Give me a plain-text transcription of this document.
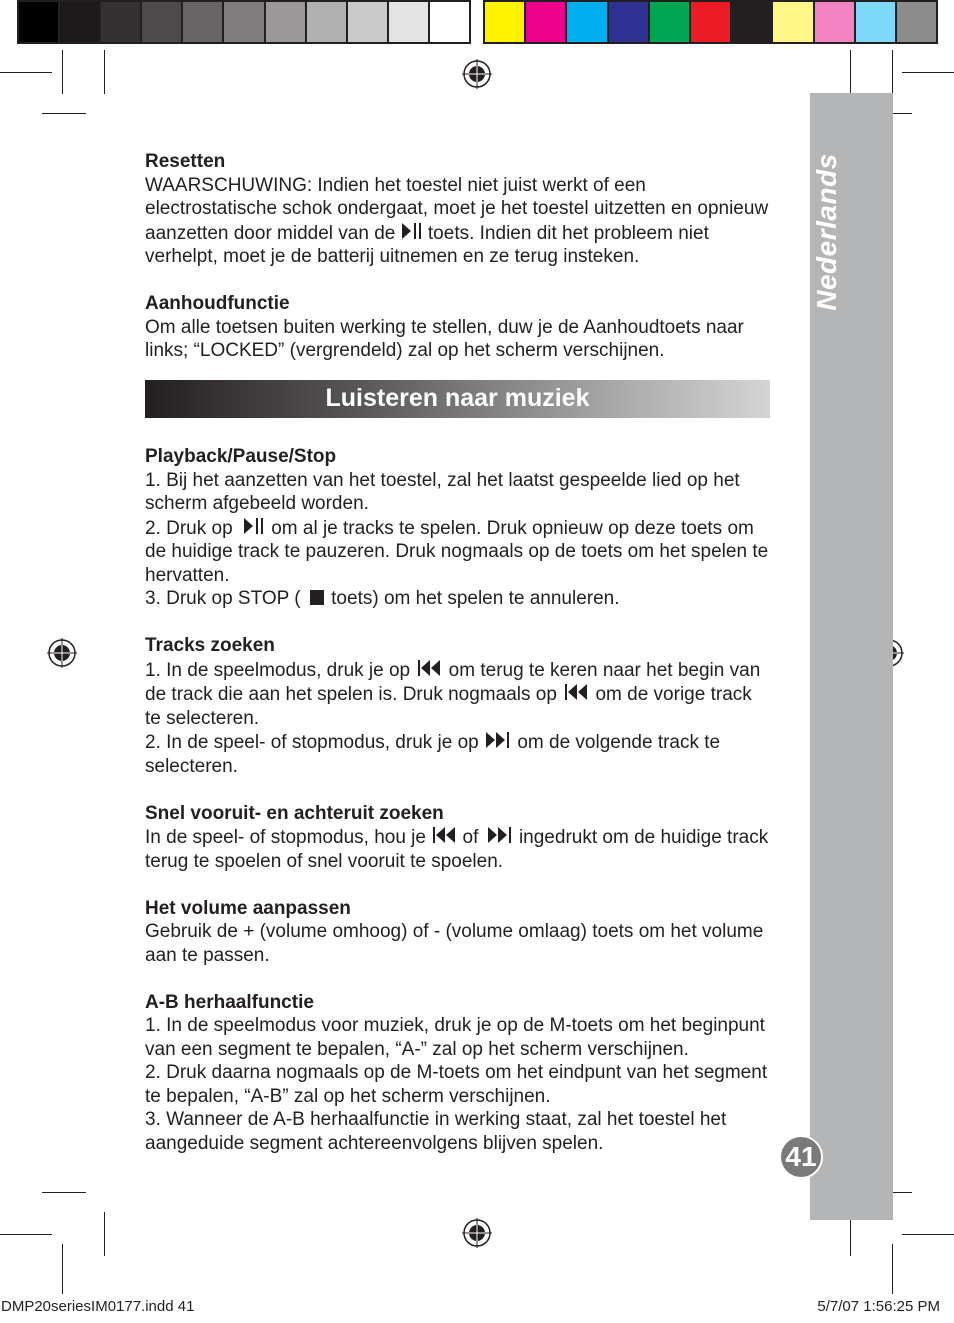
Nederlands
41
Resetten

WAARSCHUWING: Indien het toestel niet juist werkt of een electrostatische schok ondergaat, moet je het toestel uitzetten en opnieuw aanzetten door middel van de toets. Indien dit het probleem niet verhelpt, moet je de batterij uitnemen en ze terug insteken.

Aanhoudfunctie

Om alle toetsen buiten werking te stellen, duw je de Aanhoudtoets naar links; “LOCKED” (vergrendeld) zal op het scherm verschijnen.

Luisteren naar muziek
Playback/Pause/Stop

1. Bij het aanzetten van het toestel, zal het laatst gespeelde lied op het scherm afgebeeld worden.

2. Druk op om al je tracks te spelen. Druk opnieuw op deze toets om de huidige track te pauzeren. Druk nogmaals op de toets om het spelen te hervatten.

3. Druk op STOP ( toets) om het spelen te annuleren.

Tracks zoeken

1. In de speelmodus, druk je op om terug te keren naar het begin van de track die aan het spelen is. Druk nogmaals op om de vorige track te selecteren.

2. In de speel- of stopmodus, druk je op om de volgende track te selecteren.

Snel vooruit- en achteruit zoeken

In de speel- of stopmodus, hou je of ingedrukt om de huidige track terug te spoelen of snel vooruit te spoelen.

Het volume aanpassen

Gebruik de + (volume omhoog) of - (volume omlaag) toets om het volume aan te passen.

A-B herhaalfunctie

1. In de speelmodus voor muziek, druk je op de M-toets om het beginpunt van een segment te bepalen, “A-” zal op het scherm verschijnen.

2. Druk daarna nogmaals op de M-toets om het eindpunt van het segment te bepalen, “A-B” zal op het scherm verschijnen.

3. Wanneer de A-B herhaalfunctie in werking staat, zal het toestel het aangeduide segment achtereenvolgens blijven spelen.

DMP20seriesIM0177.indd 41	5/7/07 1:56:25 PM
